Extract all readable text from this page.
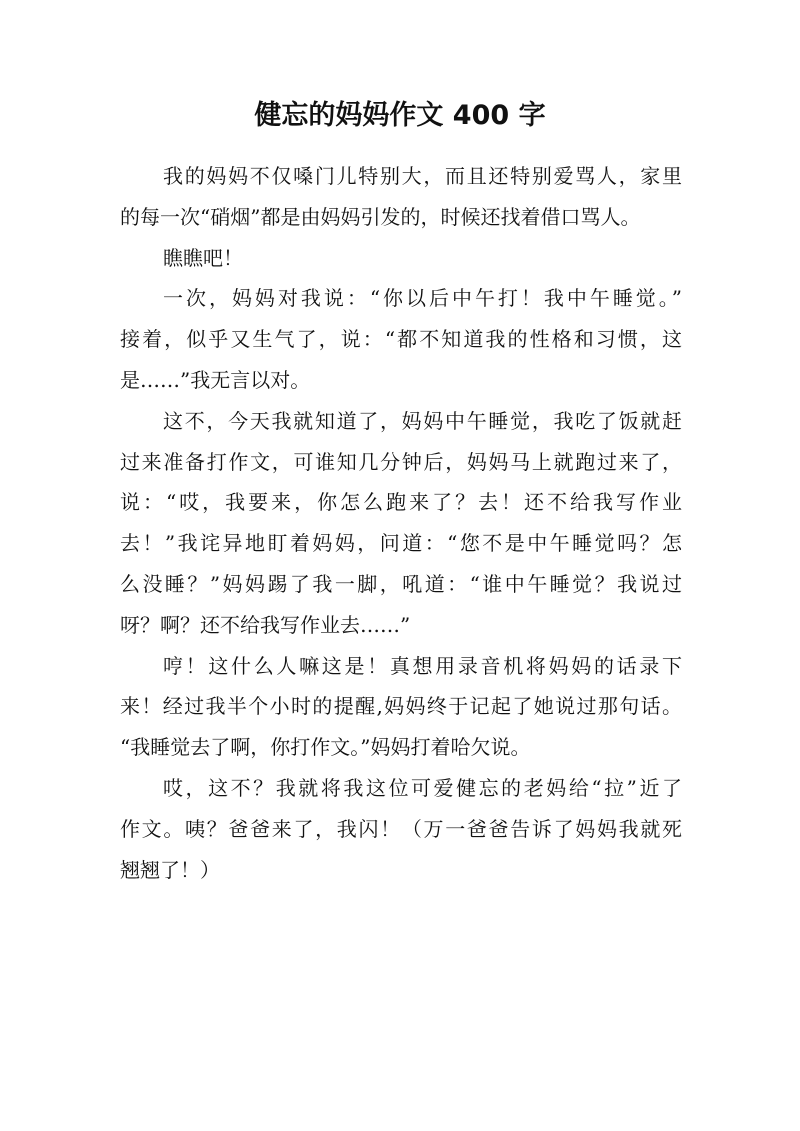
健忘的妈妈作文 400 字
我的妈妈不仅嗓门儿特别大，而且还特别爱骂人，家里
的每一次“硝烟”都是由妈妈引发的，时候还找着借口骂人。
瞧瞧吧！
一次，妈妈对我说：“你以后中午打！我中午睡觉。”
接着，似乎又生气了，说：“都不知道我的性格和习惯，这
是……”我无言以对。
这不，今天我就知道了，妈妈中午睡觉，我吃了饭就赶
过来准备打作文，可谁知几分钟后，妈妈马上就跑过来了，
说：“哎，我要来，你怎么跑来了？去！还不给我写作业
去！”我诧异地盯着妈妈，问道：“您不是中午睡觉吗？怎
么没睡？”妈妈踢了我一脚，吼道：“谁中午睡觉？我说过
呀？啊？还不给我写作业去……”
哼！这什么人嘛这是！真想用录音机将妈妈的话录下
来！经过我半个小时的提醒,妈妈终于记起了她说过那句话。
“我睡觉去了啊，你打作文。”妈妈打着哈欠说。
哎，这不？我就将我这位可爱健忘的老妈给“拉”近了
作文。咦？爸爸来了，我闪！（万一爸爸告诉了妈妈我就死
翘翘了！）
